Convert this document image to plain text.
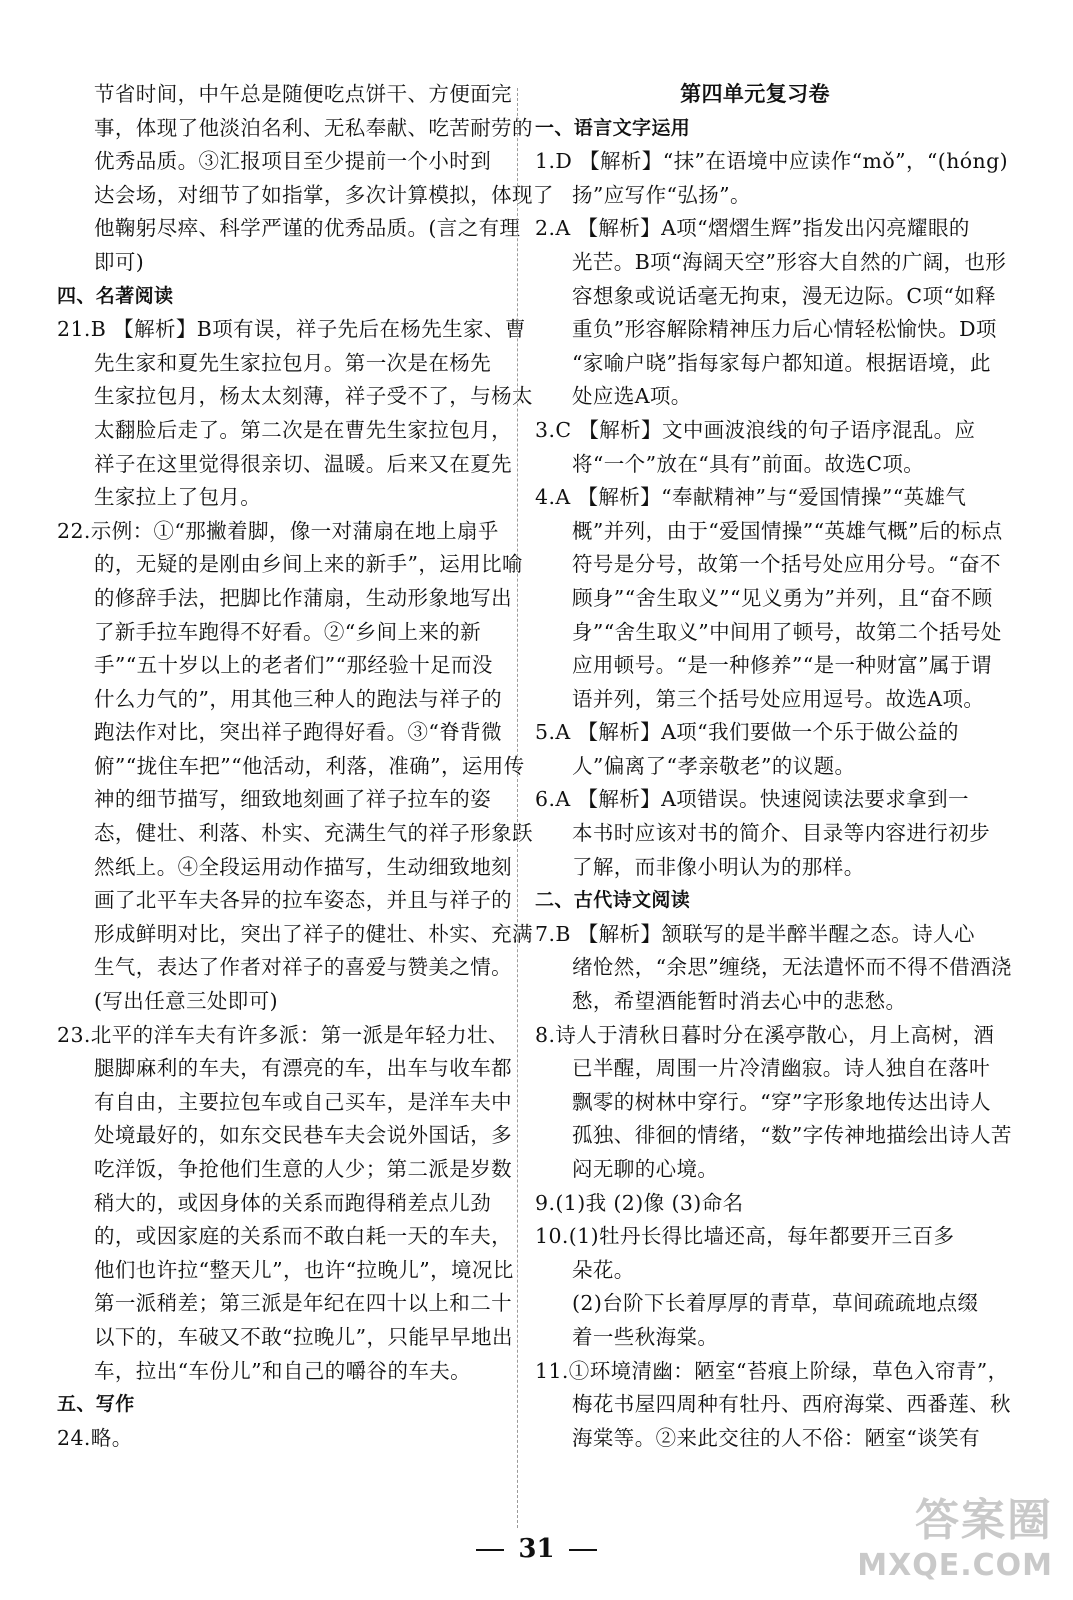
节省时间，中午总是随便吃点饼干、方便面完
事，体现了他淡泊名利、无私奉献、吃苦耐劳的
优秀品质。③汇报项目至少提前一个小时到
达会场，对细节了如指掌，多次计算模拟，体现了
他鞠躬尽瘁、科学严谨的优秀品质。(言之有理
即可)
四、名著阅读
21.B 【解析】B项有误，祥子先后在杨先生家、曹
先生家和夏先生家拉包月。第一次是在杨先
生家拉包月，杨太太刻薄，祥子受不了，与杨太
太翻脸后走了。第二次是在曹先生家拉包月，
祥子在这里觉得很亲切、温暖。后来又在夏先
生家拉上了包月。
22.示例：①“那撇着脚，像一对蒲扇在地上扇乎
的，无疑的是刚由乡间上来的新手”，运用比喻
的修辞手法，把脚比作蒲扇，生动形象地写出
了新手拉车跑得不好看。②“乡间上来的新
手”“五十岁以上的老者们”“那经验十足而没
什么力气的”，用其他三种人的跑法与祥子的
跑法作对比，突出祥子跑得好看。③“脊背微
俯”“拢住车把”“他活动，利落，准确”，运用传
神的细节描写，细致地刻画了祥子拉车的姿
态，健壮、利落、朴实、充满生气的祥子形象跃
然纸上。④全段运用动作描写，生动细致地刻
画了北平车夫各异的拉车姿态，并且与祥子的
形成鲜明对比，突出了祥子的健壮、朴实、充满
生气，表达了作者对祥子的喜爱与赞美之情。
(写出任意三处即可)
23.北平的洋车夫有许多派：第一派是年轻力壮、
腿脚麻利的车夫，有漂亮的车，出车与收车都
有自由，主要拉包车或自己买车，是洋车夫中
处境最好的，如东交民巷车夫会说外国话，多
吃洋饭，争抢他们生意的人少；第二派是岁数
稍大的，或因身体的关系而跑得稍差点儿劲
的，或因家庭的关系而不敢白耗一天的车夫，
他们也许拉“整天儿”，也许“拉晚儿”，境况比
第一派稍差；第三派是年纪在四十以上和二十
以下的，车破又不敢“拉晚儿”，只能早早地出
车，拉出“车份儿”和自己的嚼谷的车夫。
五、写作
24.略。
第四单元复习卷
一、语言文字运用
1.D 【解析】“抹”在语境中应读作“mǒ”，“(hóng)
扬”应写作“弘扬”。
2.A 【解析】A项“熠熠生辉”指发出闪亮耀眼的
光芒。B项“海阔天空”形容大自然的广阔，也形
容想象或说话毫无拘束，漫无边际。C项“如释
重负”形容解除精神压力后心情轻松愉快。D项
“家喻户晓”指每家每户都知道。根据语境，此
处应选A项。
3.C 【解析】文中画波浪线的句子语序混乱。应
将“一个”放在“具有”前面。故选C项。
4.A 【解析】“奉献精神”与“爱国情操”“英雄气
概”并列，由于“爱国情操”“英雄气概”后的标点
符号是分号，故第一个括号处应用分号。“奋不
顾身”“舍生取义”“见义勇为”并列，且“奋不顾
身”“舍生取义”中间用了顿号，故第二个括号处
应用顿号。“是一种修养”“是一种财富”属于谓
语并列，第三个括号处应用逗号。故选A项。
5.A 【解析】A项“我们要做一个乐于做公益的
人”偏离了“孝亲敬老”的议题。
6.A 【解析】A项错误。快速阅读法要求拿到一
本书时应该对书的简介、目录等内容进行初步
了解，而非像小明认为的那样。
二、古代诗文阅读
7.B 【解析】颔联写的是半醉半醒之态。诗人心
绪怆然，“余思”缠绕，无法遣怀而不得不借酒浇
愁，希望酒能暂时消去心中的悲愁。
8.诗人于清秋日暮时分在溪亭散心，月上高树，酒
已半醒，周围一片冷清幽寂。诗人独自在落叶
飘零的树林中穿行。“穿”字形象地传达出诗人
孤独、徘徊的情绪，“数”字传神地描绘出诗人苦
闷无聊的心境。
9.(1)我 (2)像 (3)命名
10.(1)牡丹长得比墙还高，每年都要开三百多
朵花。
(2)台阶下长着厚厚的青草，草间疏疏地点缀
着一些秋海棠。
11.①环境清幽：陋室“苔痕上阶绿，草色入帘青”，
梅花书屋四周种有牡丹、西府海棠、西番莲、秋
海棠等。②来此交往的人不俗：陋室“谈笑有
31
答案圈
MXQE.COM
